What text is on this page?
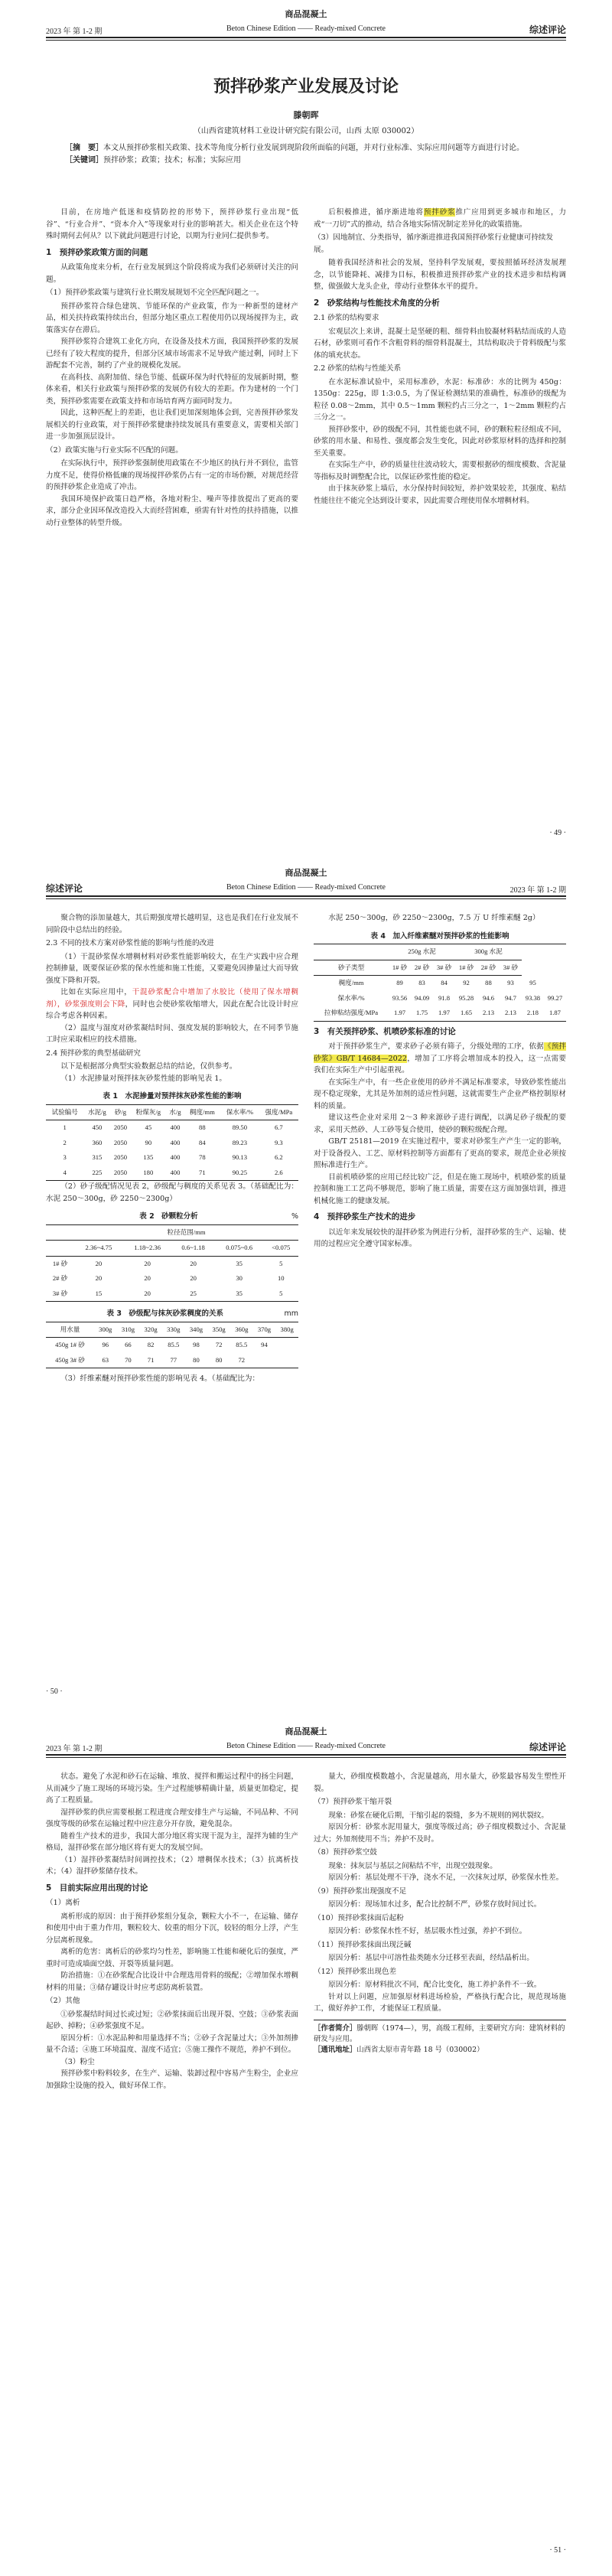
商品混凝土
2023 年 第 1-2 期	Beton Chinese Edition —— Ready-mixed Concrete	综述评论
预拌砂浆产业发展及讨论
滕朝晖
（山西省建筑材料工业设计研究院有限公司，山西 太原 030002）
［摘　要］本文从预拌砂浆相关政策、技术等角度分析行业发展到现阶段所面临的问题，并对行业标准、实际应用问题等方面进行讨论。
［关键词］预拌砂浆；政策；技术；标准；实际应用

目前，在房地产低迷和疫情防控的形势下，预拌砂浆行业出现“低谷”、“行业合并”、“资本介入”等现象对行业的影响甚大。相关企业在这个特殊时期何去何从？以下就此问题进行讨论，以期为行业同仁提供参考。

1　预拌砂浆政策方面的问题

从政策角度来分析，在行业发展到这个阶段将成为我们必须研讨关注的问题。

（1）预拌砂浆政策与建筑行业长期发展规划不完全匹配问题之一。

预拌砂浆符合绿色建筑、节能环保的产业政策，作为一种新型的建材产品，相关扶持政策持续出台，但部分地区重点工程使用仍以现场搅拌为主，政策落实存在滞后。

预拌砂浆符合建筑工业化方向，在设备及技术方面，我国预拌砂浆的发展已经有了较大程度的提升，但部分区域市场需求不足导致产能过剩，同时上下游配套不完善，制约了产业的规模化发展。

在高科技、高附加值、绿色节能、低碳环保为时代特征的发展新时期，整体来看，相关行业政策与预拌砂浆的发展仍有较大的差距。作为建材的一个门类，预拌砂浆需要在政策支持和市场培育两方面同时发力。

因此，这种匹配上的差距，也让我们更加深刻地体会到，完善预拌砂浆发展相关的行业政策，对于预拌砂浆健康持续发展具有重要意义，需要相关部门进一步加强顶层设计。

（2）政策实施与行业实际不匹配的问题。

在实际执行中，预拌砂浆强制使用政策在不少地区的执行并不到位，监管力度不足，使得价格低廉的现场搅拌砂浆仍占有一定的市场份额，对规范经营的预拌砂浆企业造成了冲击。

我国环境保护政策日趋严格，各地对粉尘、噪声等排放提出了更高的要求，部分企业因环保改造投入大而经营困难，亟需有针对性的扶持措施，以推动行业整体的转型升级。

后积极推进，循序渐进地将预拌砂浆推广应用到更多城市和地区，力戒“一刀切”式的推动，结合各地实际情况制定差异化的政策措施。

（3）因地制宜、分类指导，循序渐进推进我国预拌砂浆行业健康可持续发展。

随着我国经济和社会的发展，坚持科学发展观，要按照循环经济发展理念，以节能降耗、减排为目标，积极推进预拌砂浆产业的技术进步和结构调整，做强做大龙头企业，带动行业整体水平的提升。

2　砂浆结构与性能技术角度的分析
2.1 砂浆的结构要求

宏观层次上来讲，混凝土是坚硬的粗、细骨料由胶凝材料粘结而成的人造石材，砂浆则可看作不含粗骨料的细骨料混凝土，其结构取决于骨料级配与浆体的填充状态。

2.2 砂浆的结构与性能关系

在水泥标准试验中，采用标准砂，水泥：标准砂：水的比例为 450g：1350g：225g，即 1:3:0.5，为了保证检测结果的准确性，标准砂的级配为粒径 0.08～2mm，其中 0.5～1mm 颗粒约占三分之一，1～2mm 颗粒约占三分之一。

预拌砂浆中，砂的级配不同，其性能也就不同，砂的颗粒粒径组成不同，砂浆的用水量、和易性、强度都会发生变化，因此对砂浆原材料的选择和控制至关重要。

在实际生产中，砂的质量往往波动较大，需要根据砂的细度模数、含泥量等指标及时调整配合比，以保证砂浆性能的稳定。

由于抹灰砂浆上墙后，水分保持时间较短，养护效果较差，其强度、粘结性能往往不能完全达到设计要求，因此需要合理使用保水增稠材料。

· 49 ·
商品混凝土
2023 年 第 1-2 期
Beton Chinese Edition —— Ready-mixed Concrete
综述评论

聚合物的添加量越大，其后期强度增长越明显，这也是我们在行业发展不同阶段中总结出的经验。

2.3 不同的技术方案对砂浆性能的影响与性能的改进

（1）干混砂浆保水增稠材料对砂浆性能影响较大，在生产实践中应合理控制掺量，既要保证砂浆的保水性能和施工性能，又要避免因掺量过大而导致强度下降和开裂。

比如在实际应用中，干混砂浆配合中增加了水胶比（使用了保水增稠剂），砂浆强度则会下降，同时也会使砂浆收缩增大，因此在配合比设计时应综合考虑各种因素。

（2）温度与湿度对砂浆凝结时间、强度发展的影响较大，在不同季节施工时应采取相应的技术措施。

2.4 预拌砂浆的典型基础研究

以下是根据部分典型实验数据总结的结论，仅供参考。

（1）水泥掺量对预拌抹灰砂浆性能的影响见表 1。

表 1　水泥掺量对预拌抹灰砂浆性能的影响
试验编号	水泥/g	砂/g	粉煤灰/g	水/g	稠度/mm	保水率/%	强度/MPa
1	450	2050	45	400	88	89.50	6.7
2	360	2050	90	400	84	89.23	9.3
3	315	2050	135	400	78	90.13	6.2
4	225	2050	180	400	71	90.25	2.6

（2）砂子级配情况见表 2，砂级配与稠度的关系见表 3。（基础配比为：水泥 250～300g，砂 2250～2300g）

表 2　砂颗粒分析	%
	粒径范围/mm				
	2.36~4.75	1.18~2.36	0.6~1.18	0.075~0.6	<0.075
1# 砂	20	20	20	35	5
2# 砂	20	20	20	30	10
3# 砂	15	20	25	35	5
表 3　砂级配与抹灰砂浆稠度的关系	mm
用水量	300g	310g	320g	330g	340g	350g	360g	370g	380g
450g 1# 砂	96	66	82	85.5	98	72	85.5	94	
450g 3# 砂	63	70	71	77	80	80	72		

（3）纤维素醚对预拌砂浆性能的影响见表 4。（基础配比为：

水泥 250～300g，砂 2250～2300g，7.5 万 U 纤维素醚 2g）

表 4　加入纤维素醚对预拌砂浆的性能影响
	250g 水泥			300g 水泥				
砂子类型	1# 砂	2# 砂	3# 砂	1# 砂	2# 砂	3# 砂		
稠度/mm	89	83	84	92	88	93	95	
保水率/%	93.56	94.09	91.8	95.28	94.6	94.7	93.38	99.27
拉伸粘结强度/MPa	1.97	1.75	1.97	1.65	2.13	2.13	2.18	1.87
3　有关预拌砂浆、机喷砂浆标准的讨论

对于预拌砂浆生产，要求砂子必须有筛子，分级处理的工序，依据《预拌砂浆》GB/T 14684—2022，增加了工序将会增加成本的投入，这一点需要我们在实际生产中引起重视。

在实际生产中，有一些企业使用的砂并不满足标准要求，导致砂浆性能出现不稳定现象，尤其是外加剂的适应性问题，这就需要生产企业严格控制原材料的质量。

建议这些企业对采用 2～3 种来源砂子进行调配，以满足砂子级配的要求，采用天然砂、人工砂等复合使用，使砂的颗粒级配合理。

GB/T 25181—2019 在实施过程中，要求对砂浆生产产生一定的影响，对于设备投入、工艺、原材料控制等方面都有了更高的要求，规范企业必须按照标准进行生产。

目前机喷砂浆的应用已经比较广泛，但是在施工现场中，机喷砂浆的质量控制和施工工艺尚不够规范，影响了施工质量，需要在这方面加强培训，推进机械化施工的健康发展。

4　预拌砂浆生产技术的进步

以近年来发展较快的湿拌砂浆为例进行分析，湿拌砂浆的生产、运输、使用的过程应完全遵守国家标准。

· 50 ·
商品混凝土
2023 年 第 1-2 期	Beton Chinese Edition —— Ready-mixed Concrete	综述评论

状态。避免了水泥和砂石在运输、堆放、搅拌和搬运过程中的扬尘问题，从而减少了施工现场的环境污染。生产过程能够精确计量，质量更加稳定，提高了工程质量。

湿拌砂浆的供应需要根据工程进度合理安排生产与运输，不同品种、不同强度等级的砂浆在运输过程中应注意分开存放，避免混杂。

随着生产技术的进步，我国大部分地区将实现干混为主，湿拌为辅的生产格局，湿拌砂浆在部分地区将有更大的发展空间。

（1）湿拌砂浆凝结时间调控技术；（2）增稠保水技术；（3）抗离析技术；（4）湿拌砂浆储存技术。

5　目前实际应用出现的讨论
（1）离析

离析形成的原因：由于预拌砂浆组分复杂，颗粒大小不一，在运输、储存和使用中由于重力作用，颗粒较大、较重的组分下沉，较轻的组分上浮，产生分层离析现象。

离析的危害：离析后的砂浆均匀性差，影响施工性能和硬化后的强度，严重时可造成墙面空鼓、开裂等质量问题。

防治措施：①在砂浆配合比设计中合理选用骨料的级配；②增加保水增稠材料的用量；③储存罐设计时应考虑防离析装置。

（2）其他

①砂浆凝结时间过长或过短；②砂浆抹面后出现开裂、空鼓；③砂浆表面起砂、掉粉；④砂浆强度不足。

原因分析：①水泥品种和用量选择不当；②砂子含泥量过大；③外加剂掺量不合适；④施工环境温度、湿度不适宜；⑤施工操作不规范，养护不到位。

（3）粉尘

预拌砂浆中粉料较多，在生产、运输、装卸过程中容易产生粉尘，企业应加强除尘设施的投入，做好环保工作。

量大，砂细度模数越小，含泥量越高，用水量大，砂浆最容易发生塑性开裂。

（7）预拌砂浆干缩开裂

现象：砂浆在硬化后期，干缩引起的裂缝，多为不规则的网状裂纹。

原因分析：砂浆水泥用量大，强度等级过高；砂子细度模数过小、含泥量过大；外加剂使用不当；养护不及时。

（8）预拌砂浆空鼓

现象：抹灰层与基层之间粘结不牢，出现空鼓现象。

原因分析：基层处理不干净，浇水不足，一次抹灰过厚，砂浆保水性差。

（9）预拌砂浆出现强度不足

原因分析：现场加水过多，配合比控制不严，砂浆存放时间过长。

（10）预拌砂浆抹面后起粉

原因分析：砂浆保水性不好，基层吸水性过强，养护不到位。

（11）预拌砂浆抹面出现泛碱

原因分析：基层中可溶性盐类随水分迁移至表面，经结晶析出。

（12）预拌砂浆出现色差

原因分析：原材料批次不同，配合比变化，施工养护条件不一致。

针对以上问题，应加强原材料进场检验，严格执行配合比，规范现场施工，做好养护工作，才能保证工程质量。

［作者简介］滕朝晖（1974—），男，高级工程师，主要研究方向：建筑材料的研发与应用。
［通讯地址］山西省太原市青年路 18 号（030002）
· 51 ·
